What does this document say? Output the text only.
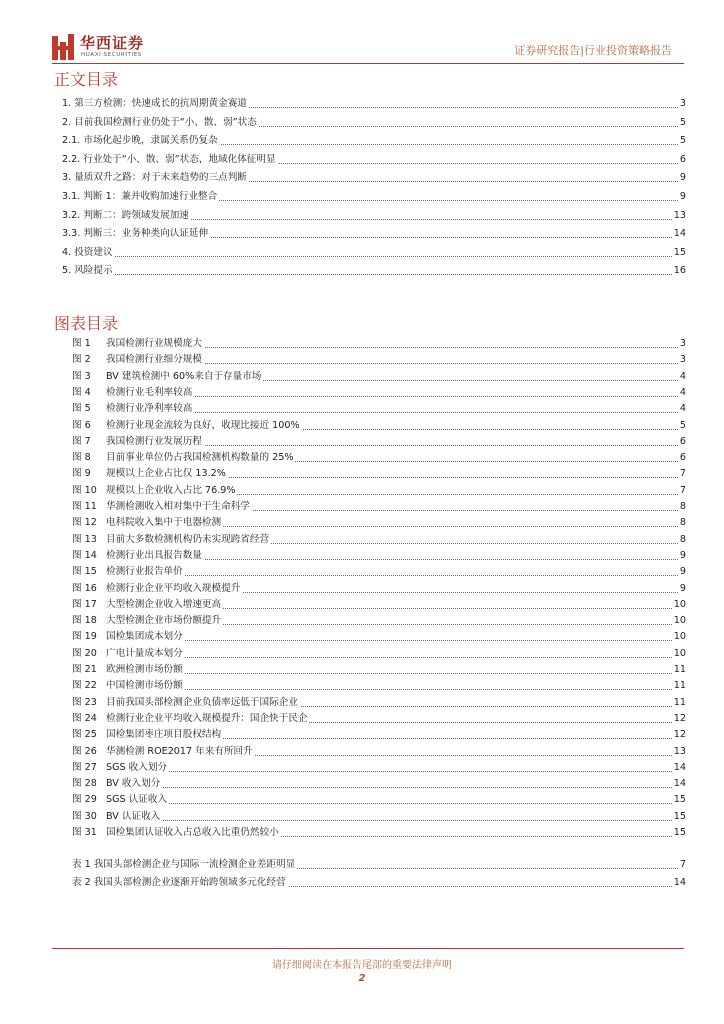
华西证券
HUAXI SECURITIES	证券研究报告|行业投资策略报告
正文目录
1. 第三方检测：快速成长的抗周期黄金赛道	3
2. 目前我国检测行业仍处于“小、散、弱”状态	5
2.1. 市场化起步晚，隶属关系仍复杂	5
2.2. 行业处于“小、散、弱”状态，地域化体征明显	6
3. 量质双升之路：对于未来趋势的三点判断	9
3.1. 判断 1：兼并收购加速行业整合	9
3.2. 判断二：跨领域发展加速	13
3.3. 判断三：业务种类向认证延伸	14
4. 投资建议	15
5. 风险提示	16
图表目录
图 1 我国检测行业规模庞大	3
图 2 我国检测行业细分规模	3
图 3 BV 建筑检测中 60%来自于存量市场	4
图 4 检测行业毛利率较高	4
图 5 检测行业净利率较高	4
图 6 检测行业现金流较为良好，收现比接近 100%	5
图 7 我国检测行业发展历程	6
图 8 目前事业单位仍占我国检测机构数量的 25%	6
图 9 规模以上企业占比仅 13.2%	7
图 10 规模以上企业收入占比 76.9%	7
图 11 华测检测收入相对集中于生命科学	8
图 12 电科院收入集中于电器检测	8
图 13 目前大多数检测机构仍未实现跨省经营	8
图 14 检测行业出具报告数量	9
图 15 检测行业报告单价	9
图 16 检测行业企业平均收入规模提升	9
图 17 大型检测企业收入增速更高	10
图 18 大型检测企业市场份额提升	10
图 19 国检集团成本划分	10
图 20 广电计量成本划分	10
图 21 欧洲检测市场份额	11
图 22 中国检测市场份额	11
图 23 目前我国头部检测企业负债率远低于国际企业	11
图 24 检测行业企业平均收入规模提升：国企快于民企	12
图 25 国检集团枣庄项目股权结构	12
图 26 华测检测 ROE2017 年来有所回升	13
图 27 SGS 收入划分	14
图 28 BV 收入划分	14
图 29 SGS 认证收入	15
图 30 BV 认证收入	15
图 31 国检集团认证收入占总收入比重仍然较小	15
表 1 我国头部检测企业与国际一流检测企业差距明显	7
表 2 我国头部检测企业逐渐开始跨领域多元化经营	14
请仔细阅读在本报告尾部的重要法律声明
2
